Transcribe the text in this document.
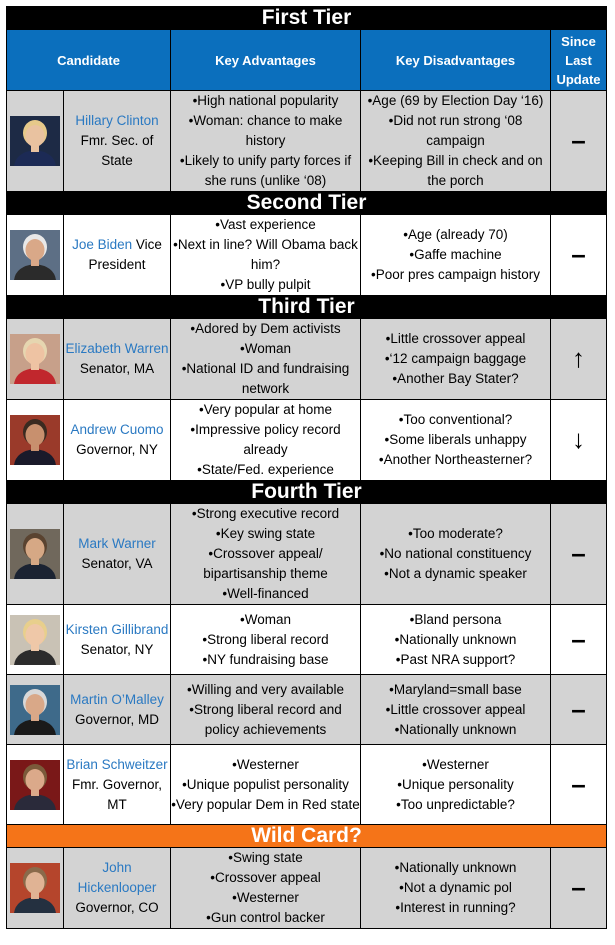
First Tier				
Candidate		Key Advantages	Key Disadvantages	Since Last Update

	Hillary Clinton Fmr. Sec. of State	•High national popularity
•Woman: chance to make history
•Likely to unify party forces if she runs (unlike ‘08)	•Age (69 by Election Day ‘16)
•Did not run strong ‘08 campaign
•Keeping Bill in check and on the porch	–
Second Tier				

	Joe Biden Vice President	•Vast experience
•Next in line? Will Obama back him?
•VP bully pulpit	•Age (already 70)
•Gaffe machine
•Poor pres campaign history	–
Third Tier				

	Elizabeth Warren Senator, MA	•Adored by Dem activists
•Woman
•National ID and fundraising network	•Little crossover appeal
•‘12 campaign baggage
•Another Bay Stater?	↑

	Andrew Cuomo Governor, NY	•Very popular at home
•Impressive policy record already
•State/Fed. experience	•Too conventional?
•Some liberals unhappy
•Another Northeasterner?	↓
Fourth Tier				

	Mark Warner Senator, VA	•Strong executive record
•Key swing state
•Crossover appeal/ bipartisanship theme
•Well-financed	•Too moderate?
•No national constituency
•Not a dynamic speaker	–

	Kirsten Gillibrand Senator, NY	•Woman
•Strong liberal record
•NY fundraising base	•Bland persona
•Nationally unknown
•Past NRA support?	–

	Martin O’Malley Governor, MD	•Willing and very available
•Strong liberal record and policy achievements	•Maryland=small base
•Little crossover appeal
•Nationally unknown	–

	Brian Schweitzer Fmr. Governor, MT	•Westerner
•Unique populist personality
•Very popular Dem in Red state	•Westerner
•Unique personality
•Too unpredictable?	–
Wild Card?				

	John Hickenlooper Governor, CO	•Swing state
•Crossover appeal
•Westerner
•Gun control backer	•Nationally unknown
•Not a dynamic pol
•Interest in running?	–
